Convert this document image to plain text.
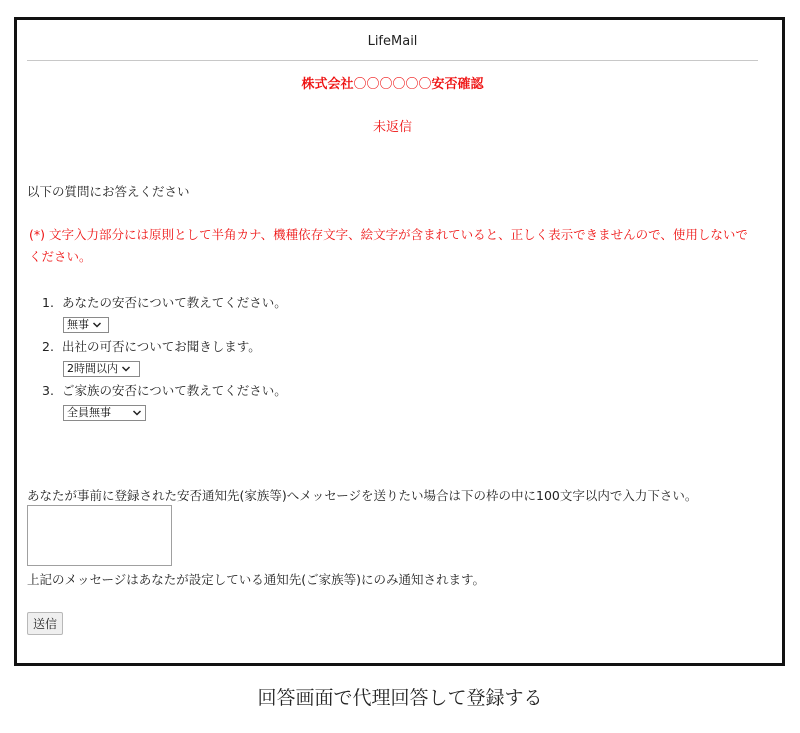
LifeMail
株式会社〇〇〇〇〇〇安否確認
未返信
以下の質問にお答えください
(*) 文字入力部分には原則として半角カナ、機種依存文字、絵文字が含まれていると、正しく表示できませんので、使用しないでください。
1. あなたの安否について教えてください。
無事
2. 出社の可否についてお聞きします。
2時間以内
3. ご家族の安否について教えてください。
全員無事
あなたが事前に登録された安否通知先(家族等)へメッセージを送りたい場合は下の枠の中に100文字以内で入力下さい。
上記のメッセージはあなたが設定している通知先(ご家族等)にのみ通知されます。
送信
回答画面で代理回答して登録する
